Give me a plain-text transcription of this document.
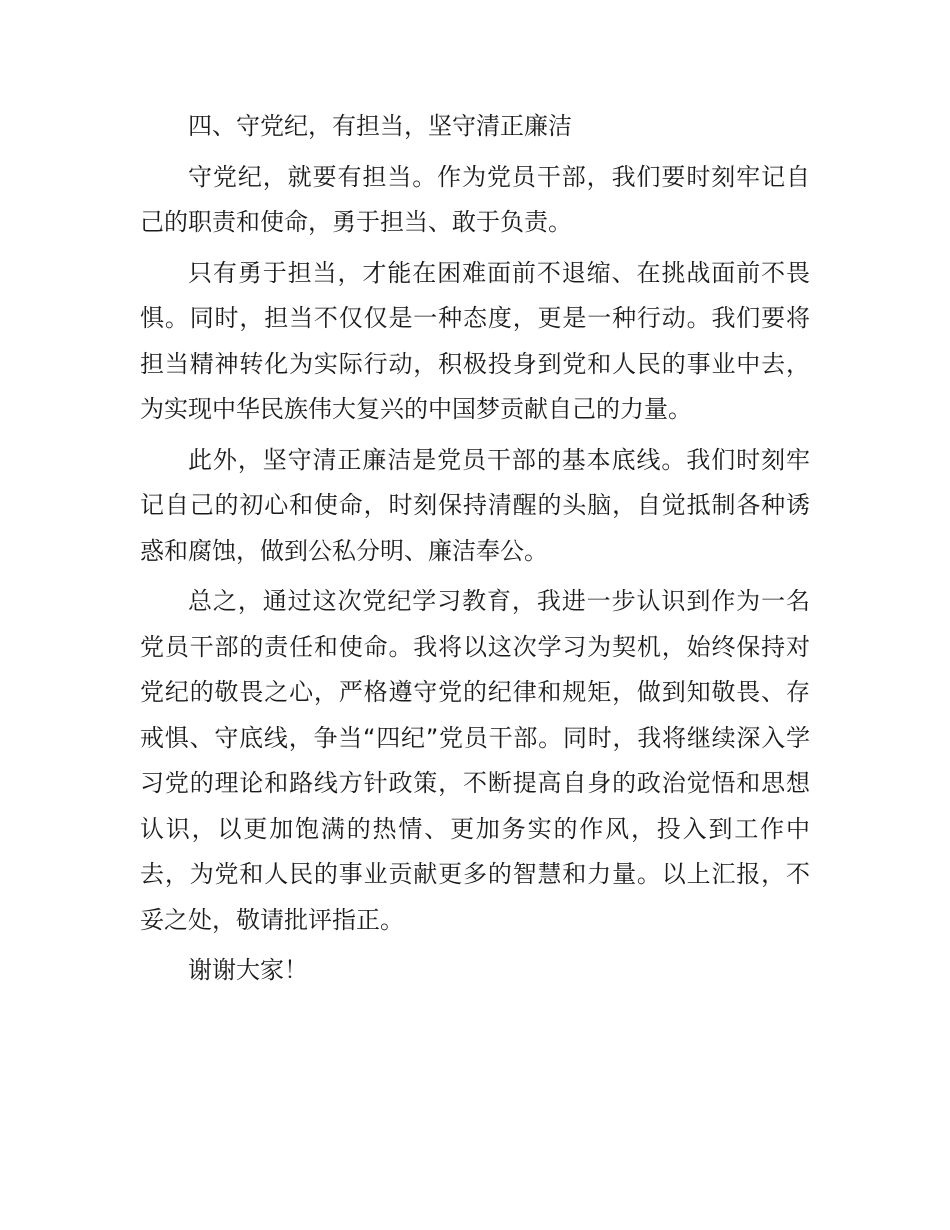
四、守党纪，有担当，坚守清正廉洁

守党纪，就要有担当。作为党员干部，我们要时刻牢记自己的职责和使命，勇于担当、敢于负责。

只有勇于担当，才能在困难面前不退缩、在挑战面前不畏惧。同时，担当不仅仅是一种态度，更是一种行动。我们要将担当精神转化为实际行动，积极投身到党和人民的事业中去，为实现中华民族伟大复兴的中国梦贡献自己的力量。

此外，坚守清正廉洁是党员干部的基本底线。我们时刻牢记自己的初心和使命，时刻保持清醒的头脑，自觉抵制各种诱惑和腐蚀，做到公私分明、廉洁奉公。

总之，通过这次党纪学习教育，我进一步认识到作为一名党员干部的责任和使命。我将以这次学习为契机，始终保持对党纪的敬畏之心，严格遵守党的纪律和规矩，做到知敬畏、存戒惧、守底线，争当“四纪”党员干部。同时，我将继续深入学习党的理论和路线方针政策，不断提高自身的政治觉悟和思想认识，以更加饱满的热情、更加务实的作风，投入到工作中去，为党和人民的事业贡献更多的智慧和力量。以上汇报，不妥之处，敬请批评指正。

谢谢大家！
